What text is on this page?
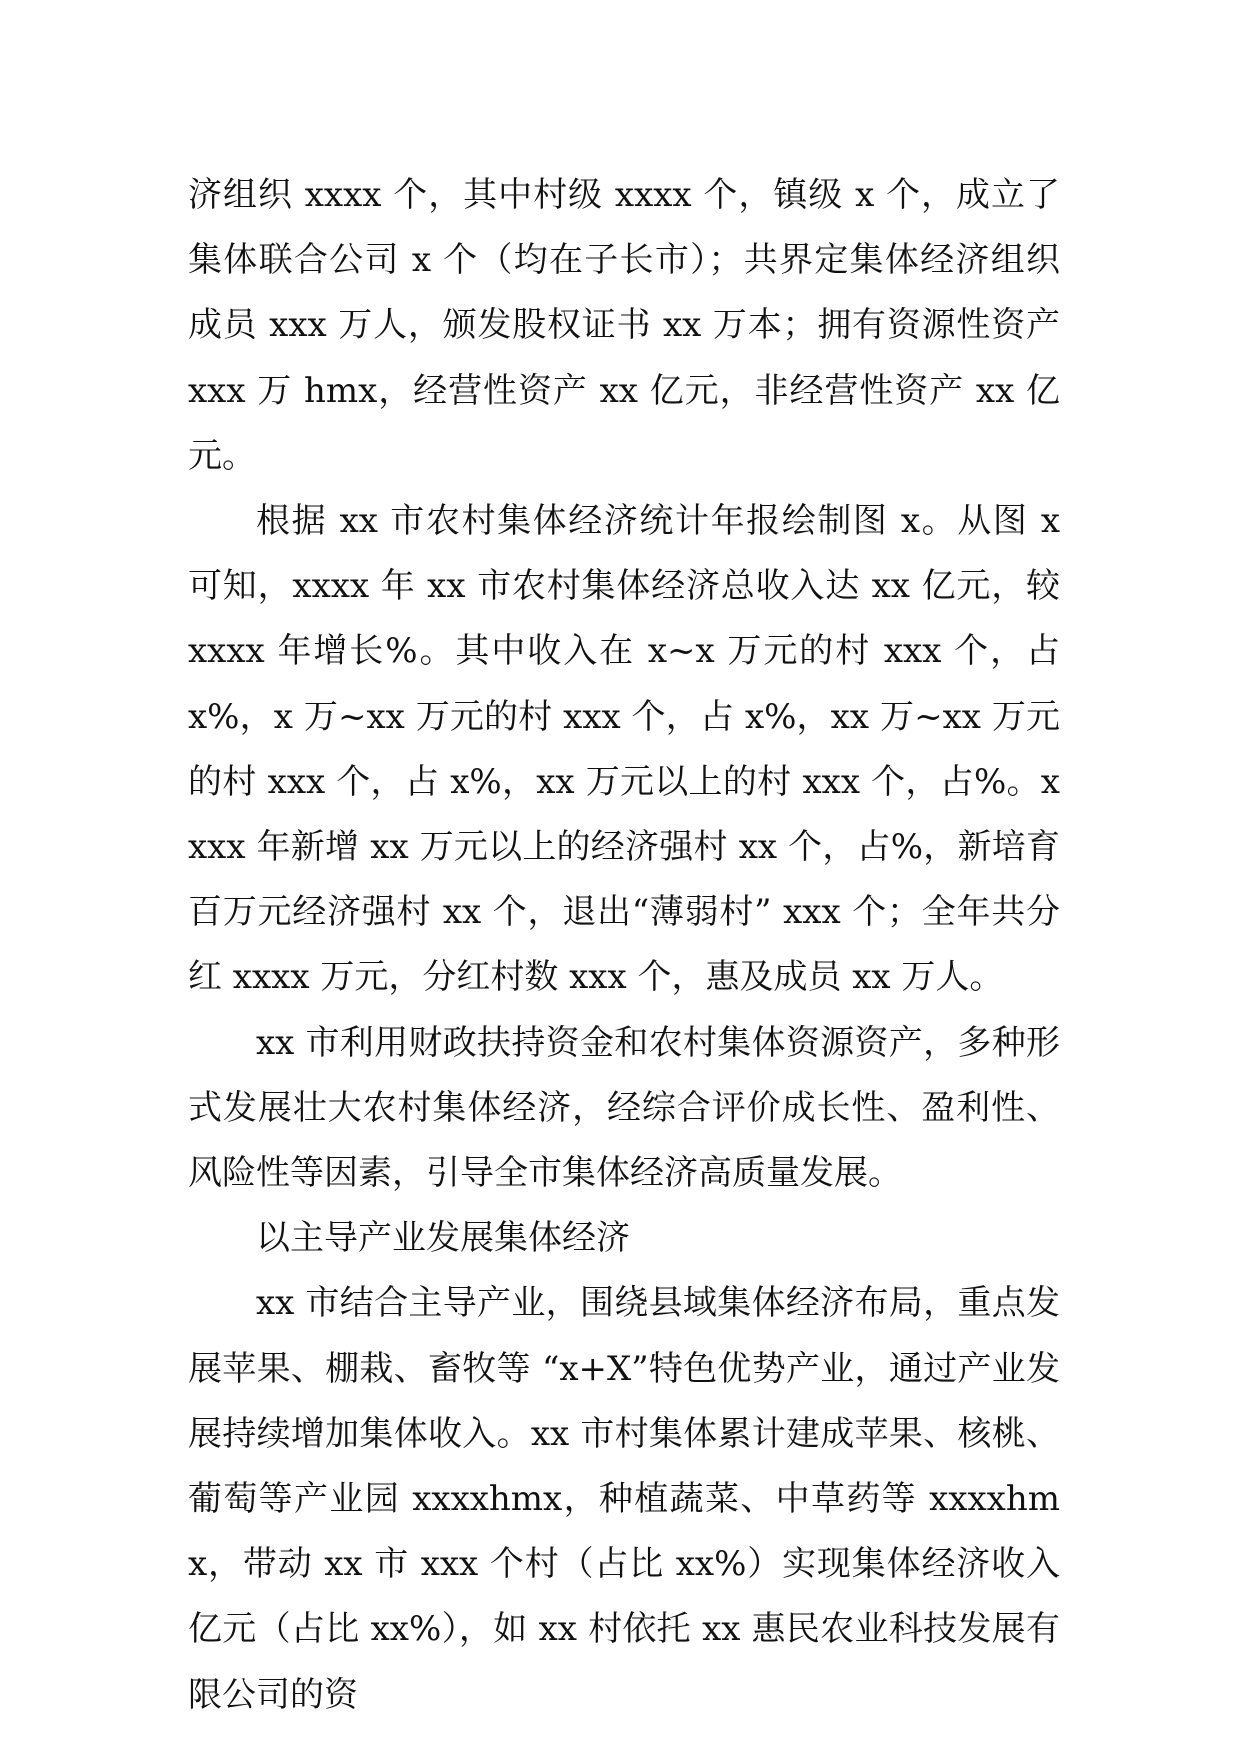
济组织 xxxx 个，其中村级 xxxx 个，镇级 x 个，成立了集体联合公司 x 个（均在子长市）；共界定集体经济组织成员 xxx 万人，颁发股权证书 xx 万本；拥有资源性资产 xxx 万 hmx，经营性资产 xx 亿元，非经营性资产 xx 亿元。

根据 xx 市农村集体经济统计年报绘制图 x。从图 x 可知，xxxx 年 xx 市农村集体经济总收入达 xx 亿元，较 xxxx 年增长%。其中收入在 x~x 万元的村 xxx 个，占 x%，x 万~xx 万元的村 xxx 个，占 x%，xx 万~xx 万元的村 xxx 个，占 x%，xx 万元以上的村 xxx 个，占%。xxxx 年新增 xx 万元以上的经济强村 xx 个，占%，新培育百万元经济强村 xx 个，退出“薄弱村” xxx 个；全年共分红 xxxx 万元，分红村数 xxx 个，惠及成员 xx 万人。

xx 市利用财政扶持资金和农村集体资源资产，多种形式发展壮大农村集体经济，经综合评价成长性、盈利性、风险性等因素，引导全市集体经济高质量发展。

以主导产业发展集体经济

xx 市结合主导产业，围绕县域集体经济布局，重点发展苹果、棚栽、畜牧等 “x+X”特色优势产业，通过产业发展持续增加集体收入。xx 市村集体累计建成苹果、核桃、葡萄等产业园 xxxxhmx，种植蔬菜、中草药等 xxxxhmx，带动 xx 市 xxx 个村（占比 xx%）实现集体经济收入亿元（占比 xx%），如 xx 村依托 xx 惠民农业科技发展有限公司的资
